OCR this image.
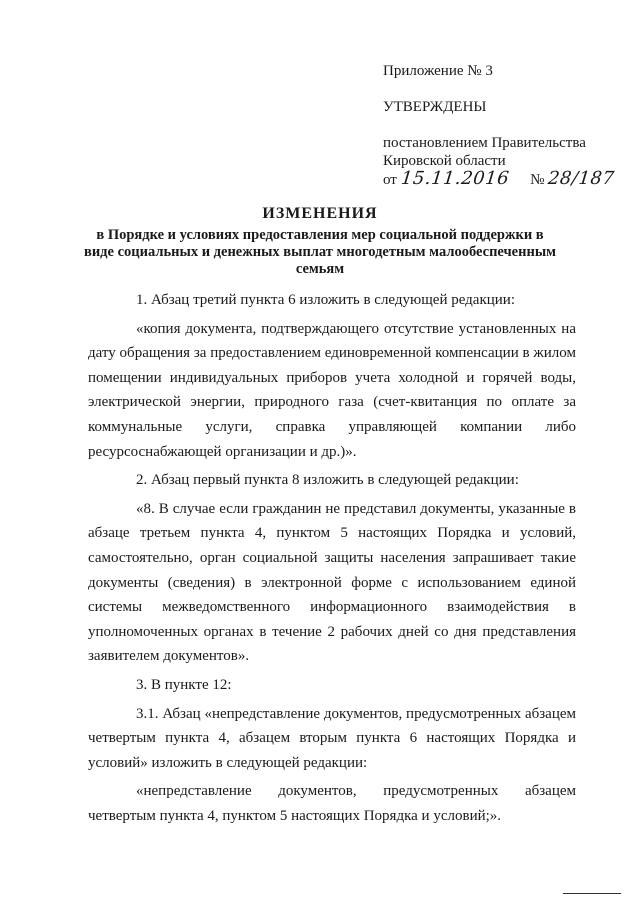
Приложение № 3

УТВЕРЖДЕНЫ

постановлением Правительства

Кировской области

от 15.11.2016 № 28/187

ИЗМЕНЕНИЯ

в Порядке и условиях предоставления мер социальной поддержки в виде социальных и денежных выплат многодетным малообеспеченным семьям

1. Абзац третий пункта 6 изложить в следующей редакции:

«копия документа, подтверждающего отсутствие установленных на дату обращения за предоставлением единовременной компенсации в жилом помещении индивидуальных приборов учета холодной и горячей воды, электрической энергии, природного газа (счет-квитанция по оплате за коммунальные услуги, справка управляющей компании либо ресурсоснабжающей организации и др.)».

2. Абзац первый пункта 8 изложить в следующей редакции:

«8. В случае если гражданин не представил документы, указанные в абзаце третьем пункта 4, пунктом 5 настоящих Порядка и условий, самостоятельно, орган социальной защиты населения запрашивает такие документы (сведения) в электронной форме с использованием единой системы межведомственного информационного взаимодействия в уполномоченных органах в течение 2 рабочих дней со дня представления заявителем документов».

3. В пункте 12:

3.1. Абзац «непредставление документов, предусмотренных абзацем четвертым пункта 4, абзацем вторым пункта 6 настоящих Порядка и условий» изложить в следующей редакции:

«непредставление документов, предусмотренных абзацем четвертым пункта 4, пунктом 5 настоящих Порядка и условий;».
